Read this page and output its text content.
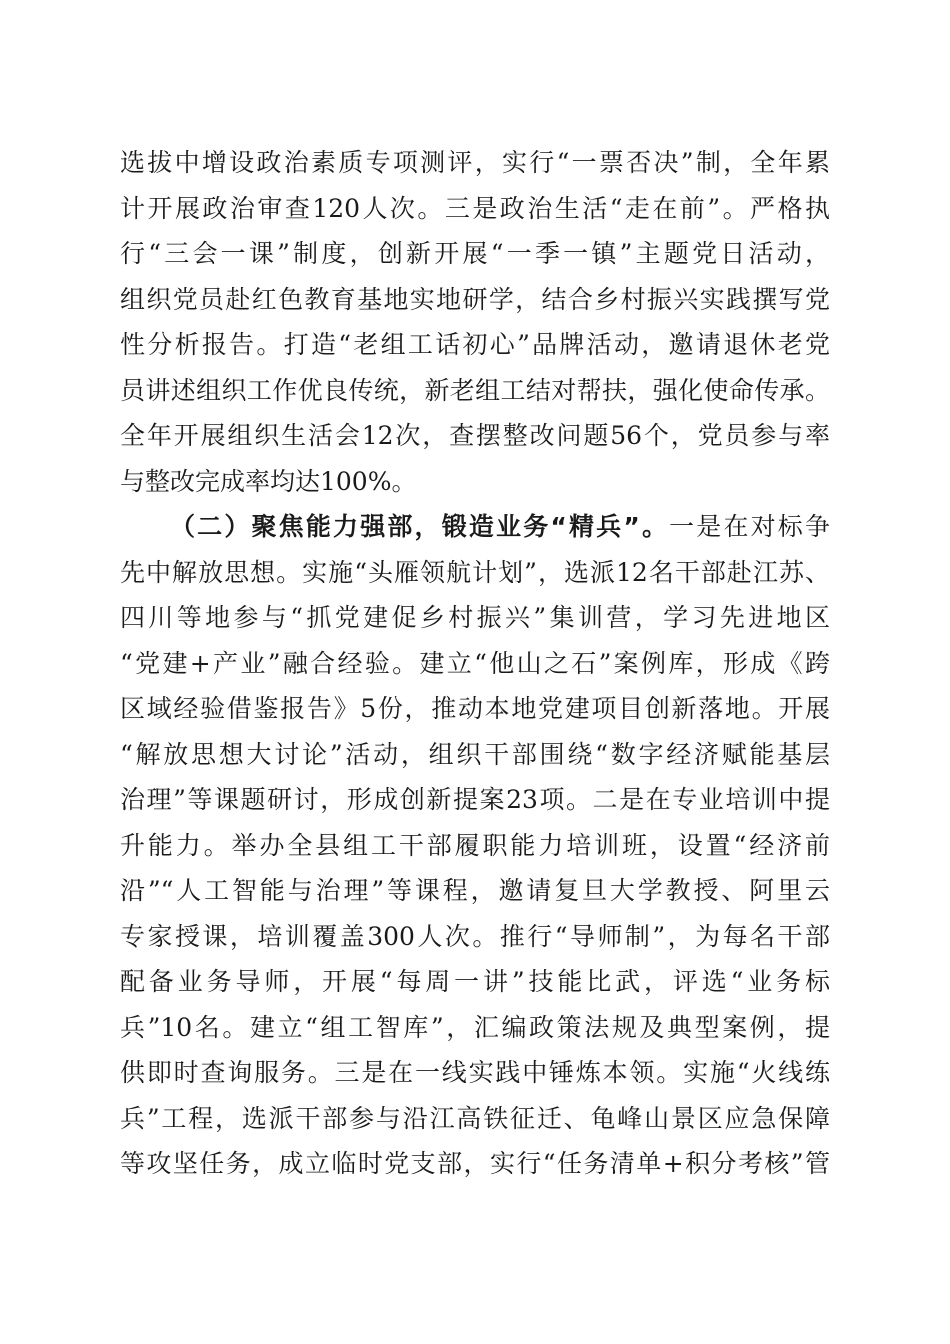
选拔中增设政治素质专项测评，实行“一票否决”制，全年累
计开展政治审查120人次。三是政治生活“走在前”。严格执
行“三会一课”制度，创新开展“一季一镇”主题党日活动，
组织党员赴红色教育基地实地研学，结合乡村振兴实践撰写党
性分析报告。打造“老组工话初心”品牌活动，邀请退休老党
员讲述组织工作优良传统，新老组工结对帮扶，强化使命传承。
全年开展组织生活会12次，查摆整改问题56个，党员参与率
与整改完成率均达100%。
（二）聚焦能力强部，锻造业务“精兵”。一是在对标争
先中解放思想。实施“头雁领航计划”，选派12名干部赴江苏、
四川等地参与“抓党建促乡村振兴”集训营，学习先进地区
“党建+产业”融合经验。建立“他山之石”案例库，形成《跨
区域经验借鉴报告》5份，推动本地党建项目创新落地。开展
“解放思想大讨论”活动，组织干部围绕“数字经济赋能基层
治理”等课题研讨，形成创新提案23项。二是在专业培训中提
升能力。举办全县组工干部履职能力培训班，设置“经济前
沿”“人工智能与治理”等课程，邀请复旦大学教授、阿里云
专家授课，培训覆盖300人次。推行“导师制”，为每名干部
配备业务导师，开展“每周一讲”技能比武，评选“业务标
兵”10名。建立“组工智库”，汇编政策法规及典型案例，提
供即时查询服务。三是在一线实践中锤炼本领。实施“火线练
兵”工程，选派干部参与沿江高铁征迁、龟峰山景区应急保障
等攻坚任务，成立临时党支部，实行“任务清单+积分考核”管
